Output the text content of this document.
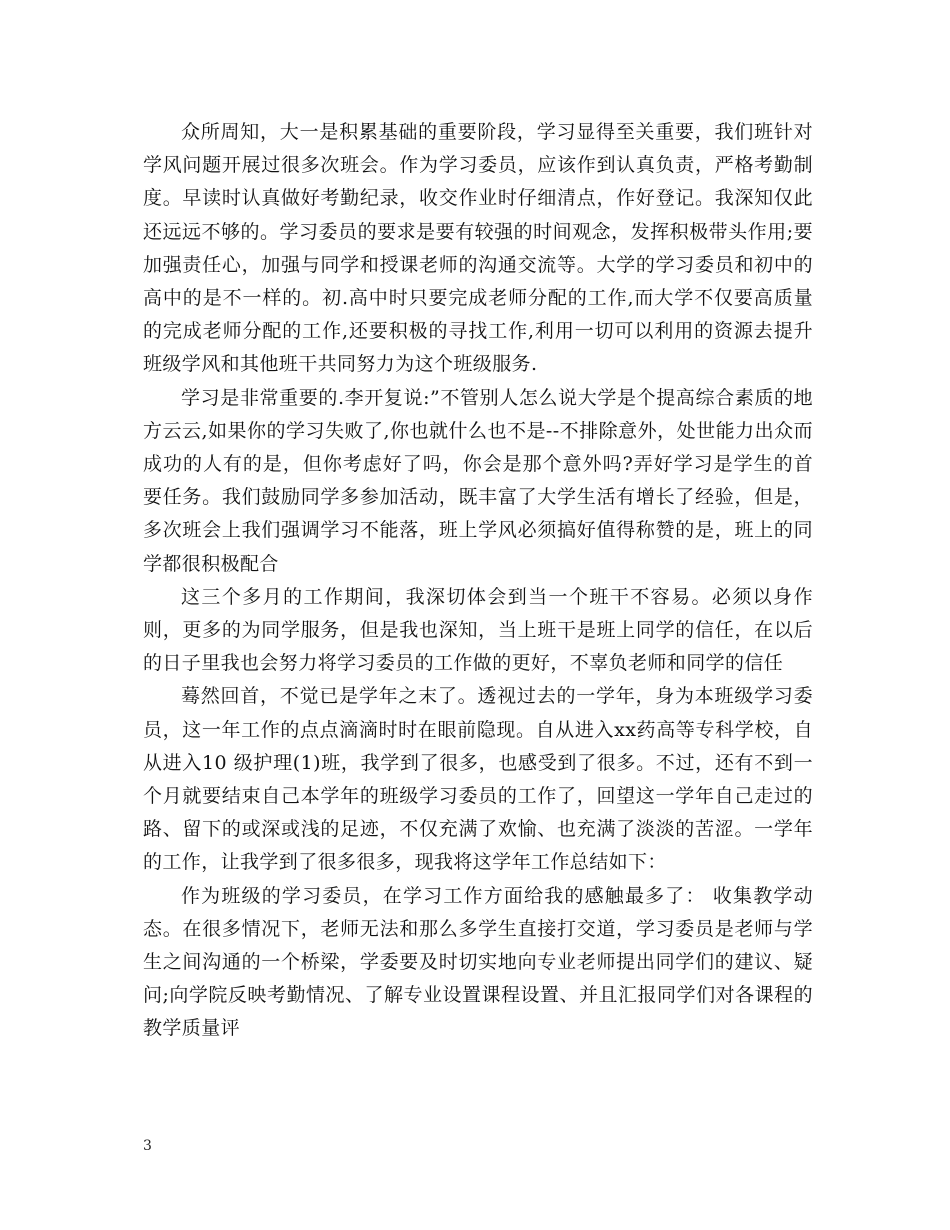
众所周知，大一是积累基础的重要阶段，学习显得至关重要，我们班针对学风问题开展过很多次班会。作为学习委员，应该作到认真负责，严格考勤制度。早读时认真做好考勤纪录，收交作业时仔细清点，作好登记。我深知仅此还远远不够的。学习委员的要求是要有较强的时间观念，发挥积极带头作用;要加强责任心，加强与同学和授课老师的沟通交流等。大学的学习委员和初中的高中的是不一样的。初.高中时只要完成老师分配的工作,而大学不仅要高质量的完成老师分配的工作,还要积极的寻找工作,利用一切可以利用的资源去提升班级学风和其他班干共同努力为这个班级服务.

学习是非常重要的.李开复说:”不管别人怎么说大学是个提高综合素质的地方云云,如果你的学习失败了,你也就什么也不是--不排除意外，处世能力出众而成功的人有的是，但你考虑好了吗，你会是那个意外吗?弄好学习是学生的首要任务。我们鼓励同学多参加活动，既丰富了大学生活有增长了经验，但是，多次班会上我们强调学习不能落，班上学风必须搞好值得称赞的是，班上的同学都很积极配合

这三个多月的工作期间，我深切体会到当一个班干不容易。必须以身作则，更多的为同学服务，但是我也深知，当上班干是班上同学的信任，在以后的日子里我也会努力将学习委员的工作做的更好，不辜负老师和同学的信任

蓦然回首，不觉已是学年之末了。透视过去的一学年，身为本班级学习委员，这一年工作的点点滴滴时时在眼前隐现。自从进入xx药高等专科学校，自从进入10 级护理(1)班，我学到了很多，也感受到了很多。不过，还有不到一个月就要结束自己本学年的班级学习委员的工作了，回望这一学年自己走过的路、留下的或深或浅的足迹，不仅充满了欢愉、也充满了淡淡的苦涩。一学年的工作，让我学到了很多很多，现我将这学年工作总结如下：

作为班级的学习委员，在学习工作方面给我的感触最多了： 收集教学动态。在很多情况下，老师无法和那么多学生直接打交道，学习委员是老师与学生之间沟通的一个桥梁，学委要及时切实地向专业老师提出同学们的建议、疑问;向学院反映考勤情况、了解专业设置课程设置、并且汇报同学们对各课程的教学质量评

3
